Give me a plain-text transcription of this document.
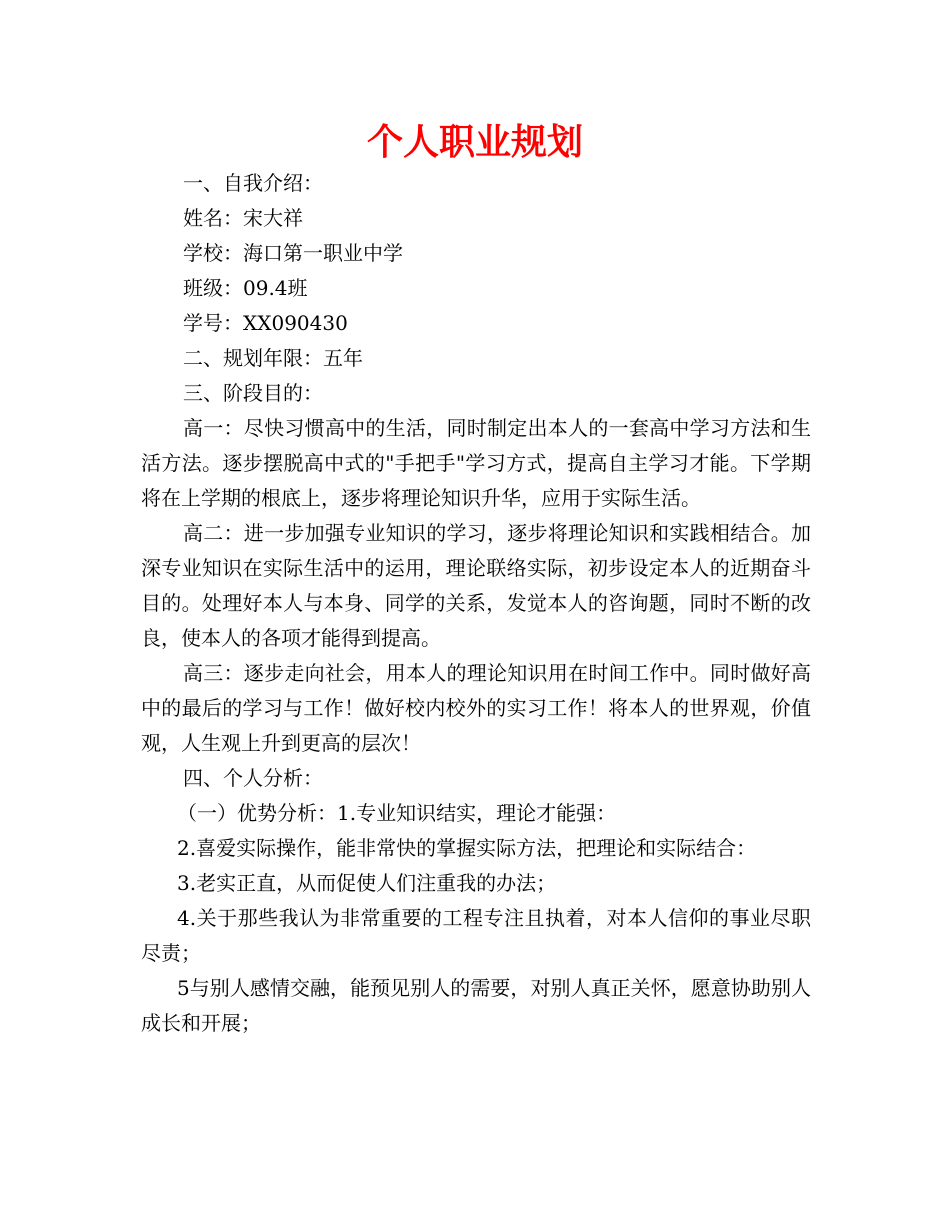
个人职业规划

一、自我介绍：

姓名：宋大祥

学校：海口第一职业中学

班级：09.4班

学号：XX090430

二、规划年限：五年

三、阶段目的：

高一：尽快习惯高中的生活，同时制定出本人的一套高中学习方法和生活方法。逐步摆脱高中式的"手把手"学习方式，提高自主学习才能。下学期将在上学期的根底上，逐步将理论知识升华，应用于实际生活。

高二：进一步加强专业知识的学习，逐步将理论知识和实践相结合。加深专业知识在实际生活中的运用，理论联络实际，初步设定本人的近期奋斗目的。处理好本人与本身、同学的关系，发觉本人的咨询题，同时不断的改良，使本人的各项才能得到提高。

高三：逐步走向社会，用本人的理论知识用在时间工作中。同时做好高中的最后的学习与工作！做好校内校外的实习工作！将本人的世界观，价值观，人生观上升到更高的层次！

四、个人分析：

（一）优势分析：1.专业知识结实，理论才能强：

2.喜爱实际操作，能非常快的掌握实际方法，把理论和实际结合：

3.老实正直，从而促使人们注重我的办法；

4.关于那些我认为非常重要的工程专注且执着，对本人信仰的事业尽职尽责；

5与别人感情交融，能预见别人的需要，对别人真正关怀，愿意协助别人成长和开展；
